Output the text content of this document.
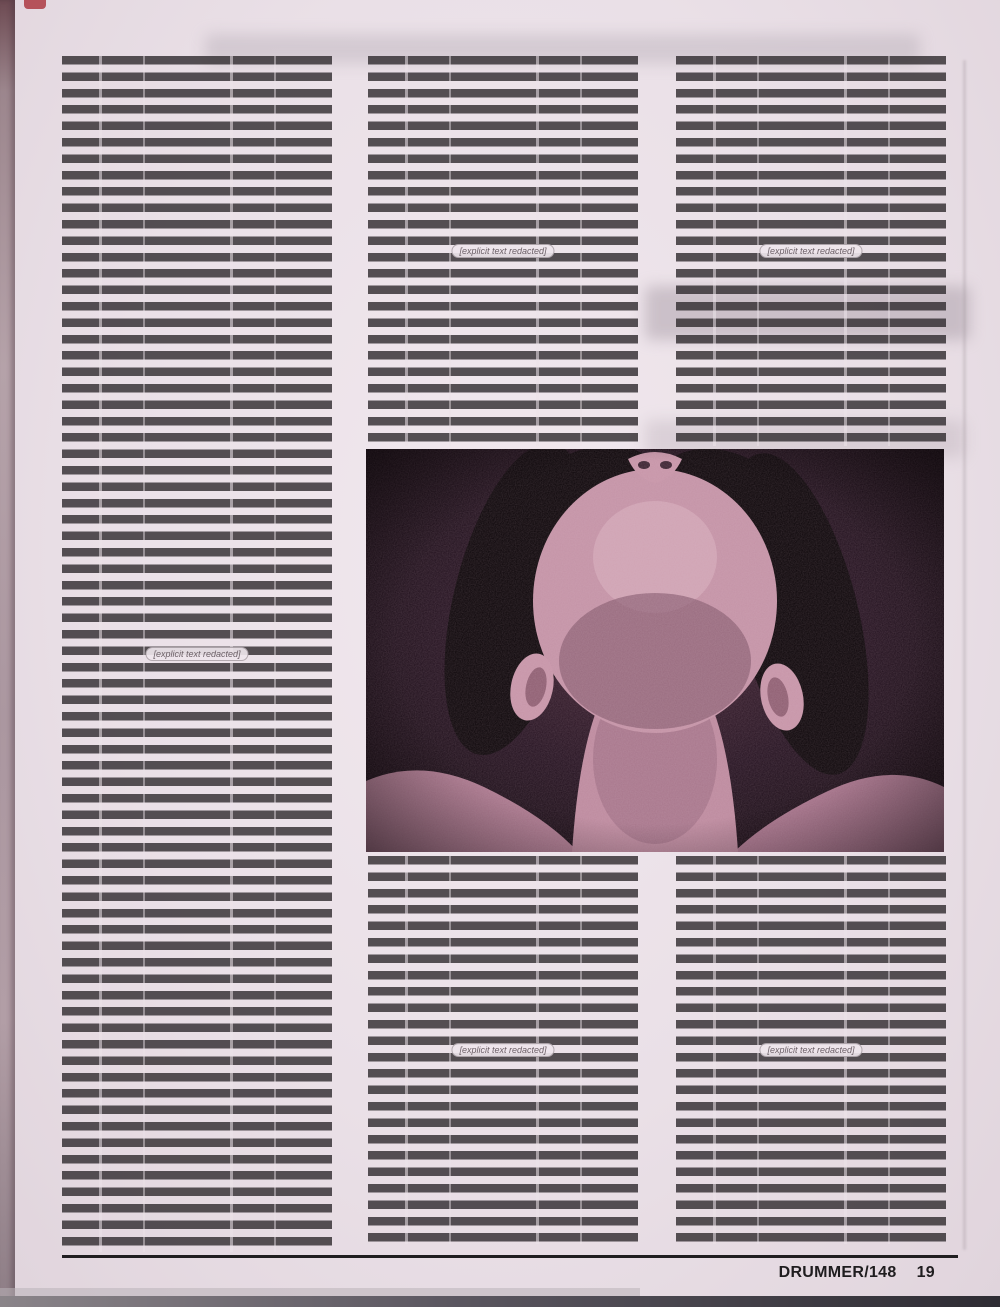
[explicit text redacted]
[explicit text redacted]	[explicit text redacted]
[explicit text redacted]	[explicit text redacted]
DRUMMER/148 19
